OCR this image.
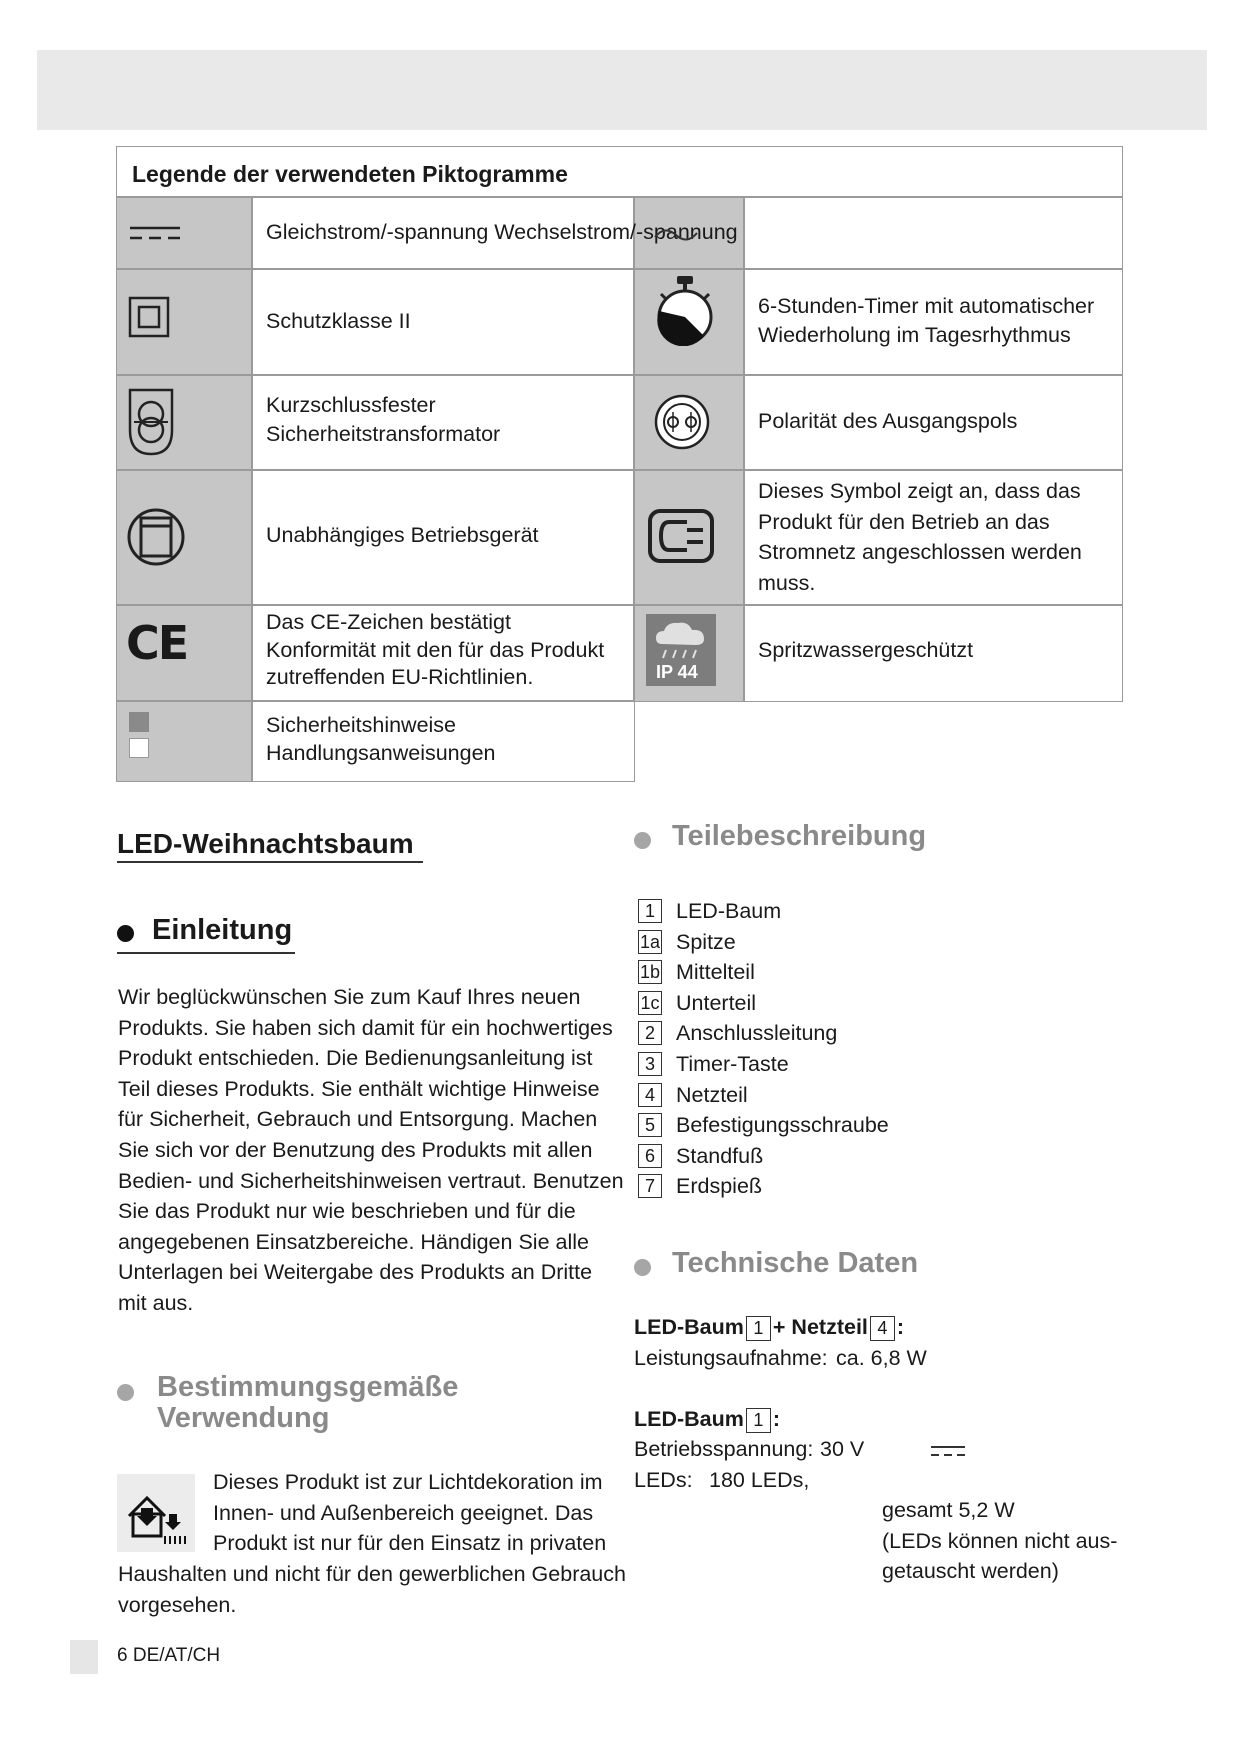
Legende der verwendeten Piktogramme
Gleichstrom/-spannung Wechselstrom/-spannung
Schutzklasse II
6-Stunden-Timer mit automatischer Wiederholung im Tagesrhythmus
Kurzschlussfester Sicherheitstransformator
Polarität des Ausgangspols
Unabhängiges Betriebsgerät
Dieses Symbol zeigt an, dass das Produkt für den Betrieb an das Stromnetz angeschlossen werden muss.
CE	Das CE-Zeichen bestätigt Konformität mit den für das Produkt zutreffenden EU-Richtlinien.	IP 44
Spritzwassergeschützt
Sicherheitshinweise
Handlungsanweisungen
LED-Weihnachtsbaum
Einleitung
Wir beglückwünschen Sie zum Kauf Ihres neuen
Produkts. Sie haben sich damit für ein hochwertiges
Produkt entschieden. Die Bedienungsanleitung ist
Teil dieses Produkts. Sie enthält wichtige Hinweise
für Sicherheit, Gebrauch und Entsorgung. Machen
Sie sich vor der Benutzung des Produkts mit allen
Bedien- und Sicherheitshinweisen vertraut. Benutzen
Sie das Produkt nur wie beschrieben und für die
angegebenen Einsatzbereiche. Händigen Sie alle
Unterlagen bei Weitergabe des Produkts an Dritte
mit aus.
Bestimmungsgemäße
Verwendung
Dieses Produkt ist zur Lichtdekoration im
Innen- und Außenbereich geeignet. Das
Produkt ist nur für den Einsatz in privaten
Haushalten und nicht für den gewerblichen Gebrauch
vorgesehen.
Teilebeschreibung
1 LED-Baum
1a Spitze
1b Mittelteil
1c Unterteil
2 Anschlussleitung
3 Timer-Taste
4 Netzteil
5 Befestigungsschraube
6 Standfuß
7 Erdspieß
Technische Daten
LED-Baum 1 + Netzteil 4 :
Leistungsaufnahme: ca. 6,8 W
LED-Baum 1 :
Betriebsspannung: 30 V
LEDs: 180 LEDs,
gesamt 5,2 W
(LEDs können nicht aus-
getauscht werden)
6 DE/AT/CH
